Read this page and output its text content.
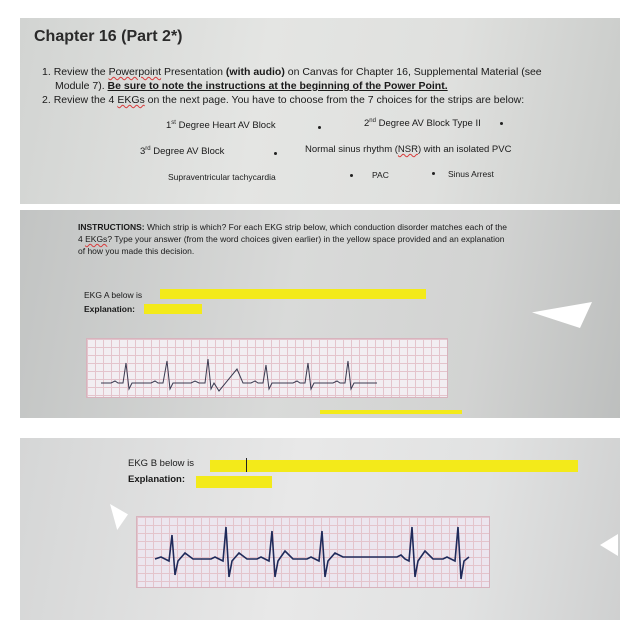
Chapter 16 (Part 2*)
1. Review the Powerpoint Presentation (with audio) on Canvas for Chapter 16, Supplemental Material (see
Module 7). Be sure to note the instructions at the beginning of the Power Point.
2. Review the 4 EKGs on the next page. You have to choose from the 7 choices for the strips are below:
1st Degree Heart AV Block	2nd Degree AV Block Type II
3rd Degree AV Block	Normal sinus rhythm (NSR) with an isolated PVC
Supraventricular tachycardia	PAC	Sinus Arrest
INSTRUCTIONS: Which strip is which? For each EKG strip below, which conduction disorder matches each of the
4 EKGs? Type your answer (from the word choices given earlier) in the yellow space provided and an explanation
of how you made this decision.
EKG A below is
Explanation:
EKG B below is
Explanation:
